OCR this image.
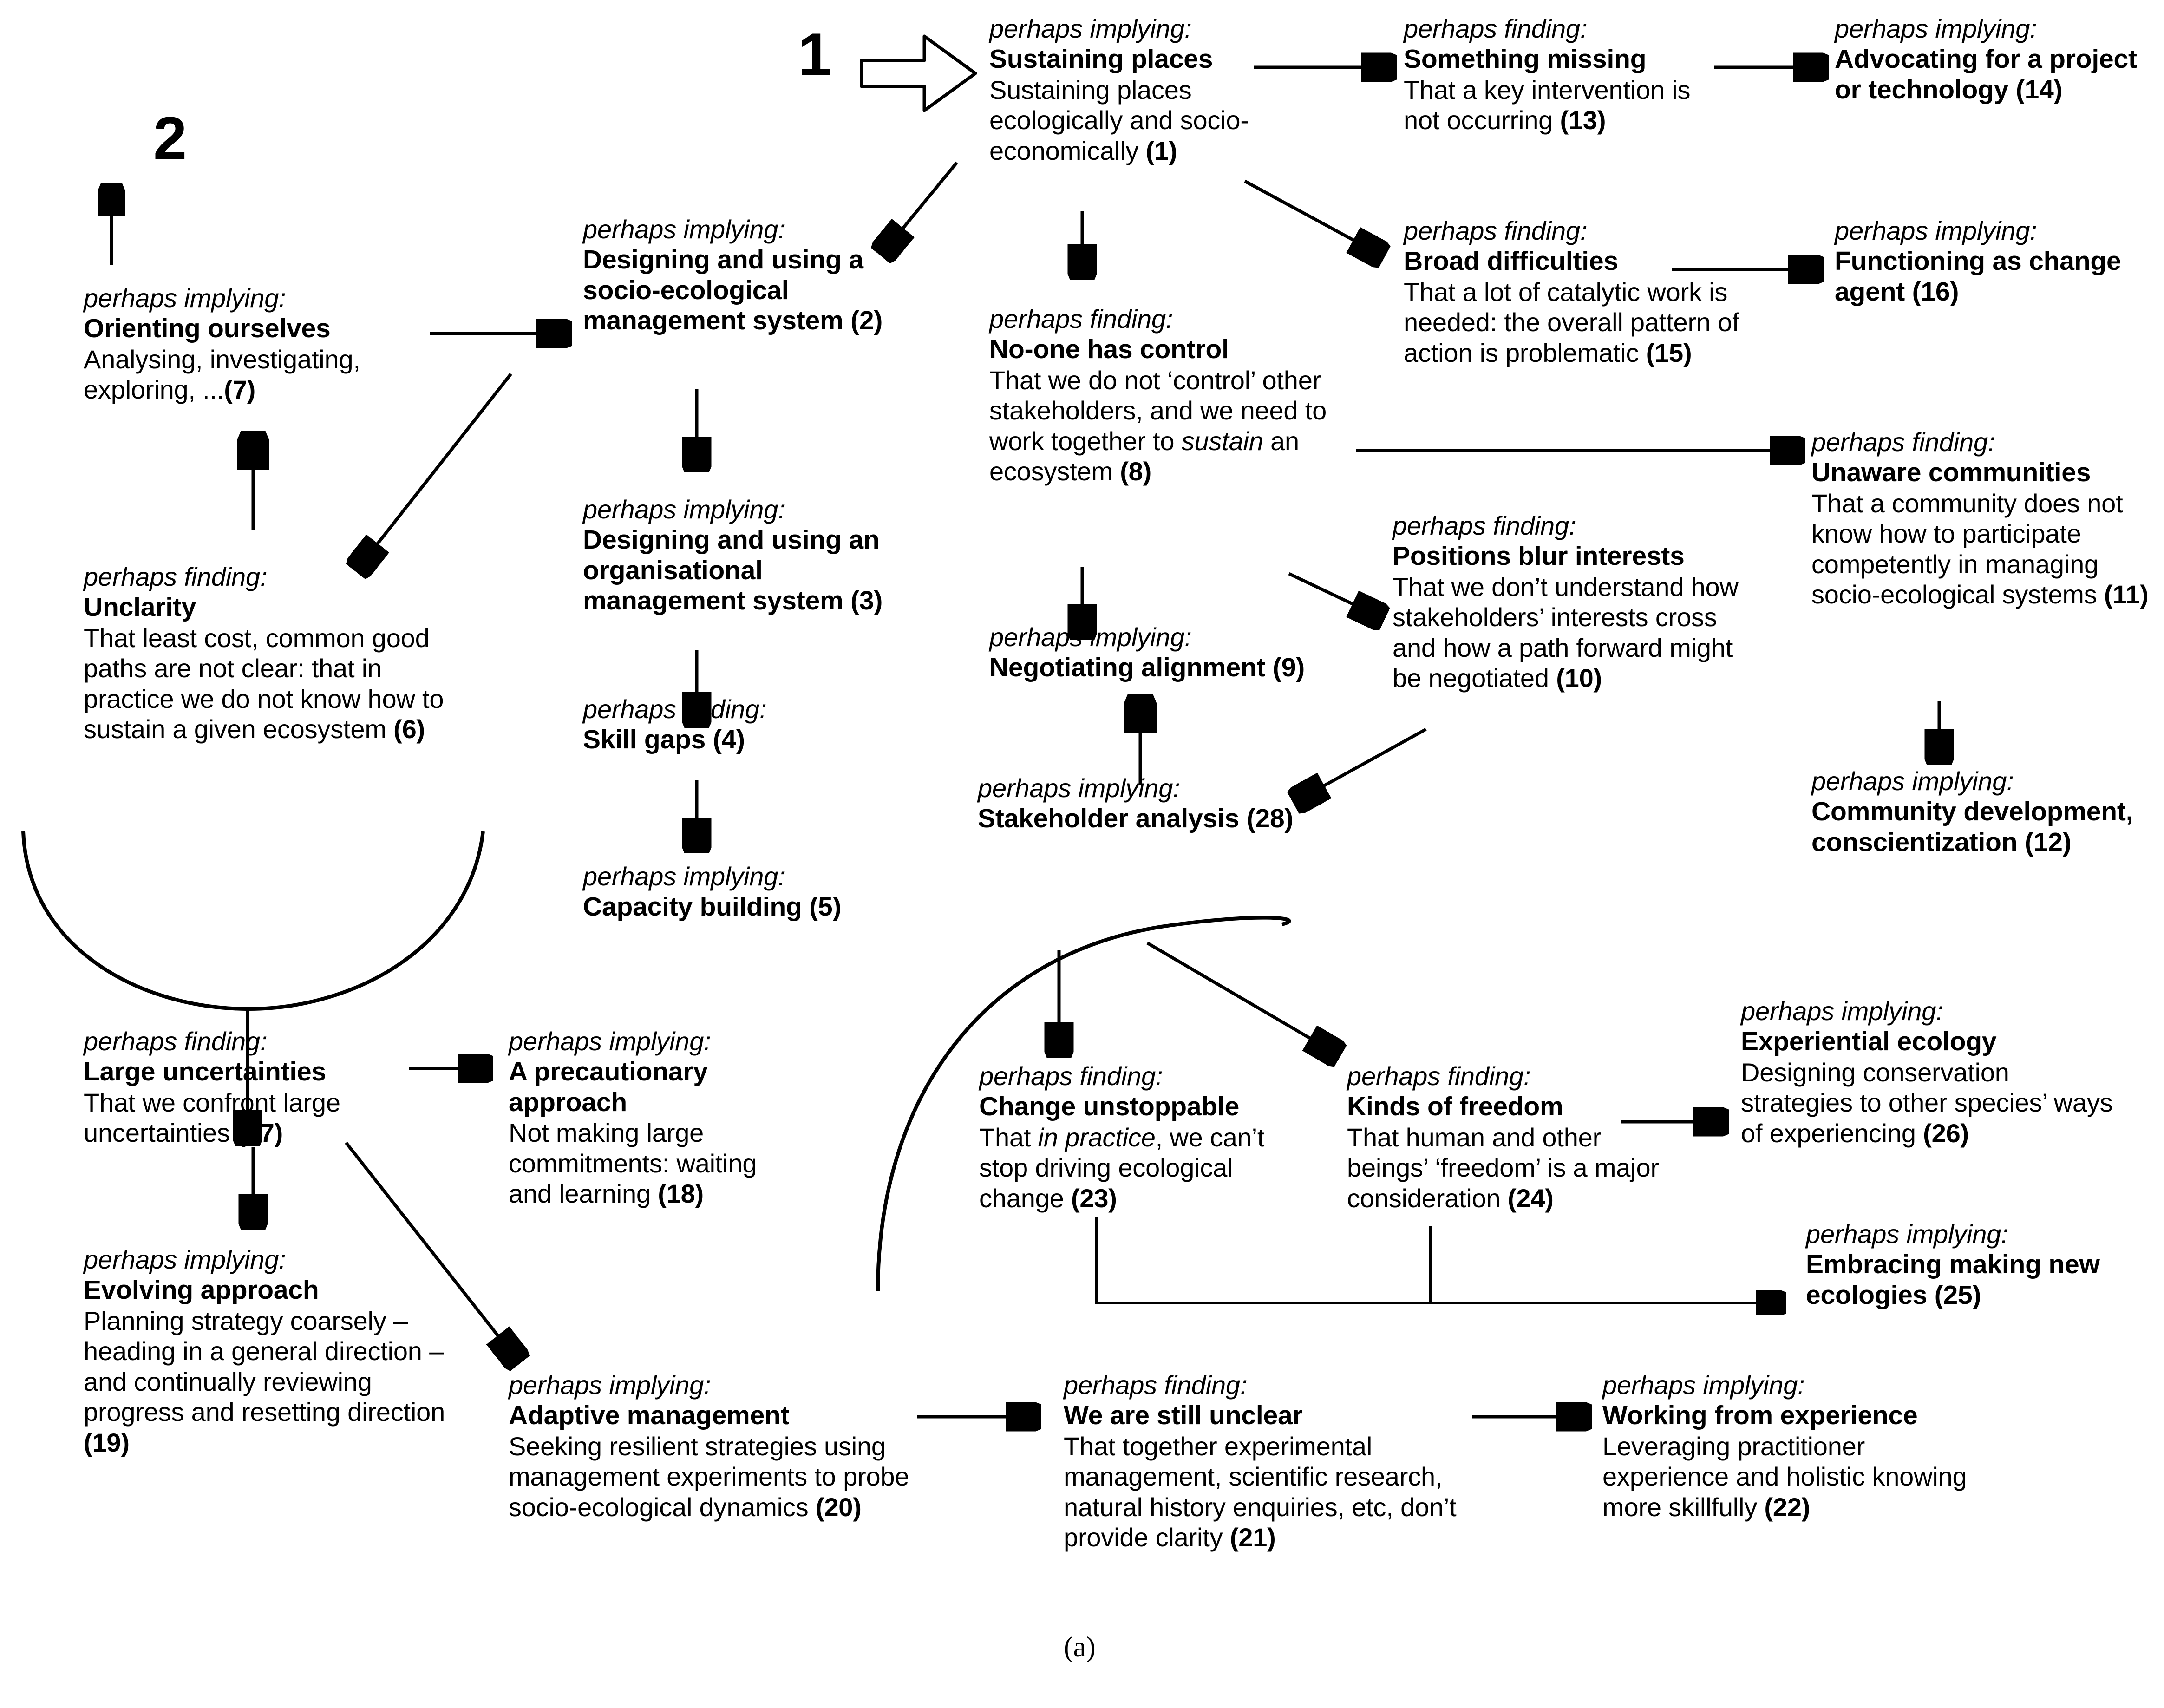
1
2
perhaps implying:
Sustaining places
Sustaining places ecologically and socio-economically (1)
perhaps finding:
Something missing
That a key intervention is not occurring (13)
perhaps implying:
Advocating for a project or technology (14)
perhaps finding:
Broad difficulties
That a lot of catalytic work is needed: the overall pattern of action is problematic (15)
perhaps implying:
Functioning as change agent (16)
perhaps implying:
Designing and using a socio-ecological management system (2)
perhaps implying:
Designing and using an organisational management system (3)
perhaps finding:
Skill gaps (4)
perhaps implying:
Capacity building (5)
perhaps implying:
Orienting ourselves
Analysing, investigating, exploring, ...(7)
perhaps finding:
Unclarity
That least cost, common good paths are not clear: that in practice we do not know how to sustain a given ecosystem (6)
perhaps finding:
No-one has control
That we do not ‘control’ other stakeholders, and we need to work together to sustain an ecosystem (8)
perhaps implying:
Negotiating alignment (9)
perhaps implying:
Stakeholder analysis (28)
perhaps finding:
Positions blur interests
That we don’t understand how stakeholders’ interests cross and how a path forward might be negotiated (10)
perhaps finding:
Unaware communities
That a community does not know how to participate competently in managing socio-ecological systems (11)
perhaps implying:
Community development, conscientization (12)
perhaps finding:
Large uncertainties
That we confront large uncertainties (17)
perhaps implying:
A precautionary approach
Not making large commitments: waiting and learning (18)
perhaps implying:
Evolving approach
Planning strategy coarsely – heading in a general direction – and continually reviewing progress and resetting direction (19)
perhaps implying:
Adaptive management
Seeking resilient strategies using management experiments to probe socio-ecological dynamics (20)
perhaps finding:
We are still unclear
That together experimental management, scientific research, natural history enquiries, etc, don’t provide clarity (21)
perhaps implying:
Working from experience
Leveraging practitioner experience and holistic knowing more skillfully (22)
perhaps finding:
Change unstoppable
That in practice, we can’t stop driving ecological change (23)
perhaps finding:
Kinds of freedom
That human and other beings’ ‘freedom’ is a major consideration (24)
perhaps implying:
Embracing making new ecologies (25)
perhaps implying:
Experiential ecology
Designing conservation strategies to other species’ ways of experiencing (26)
(a)
